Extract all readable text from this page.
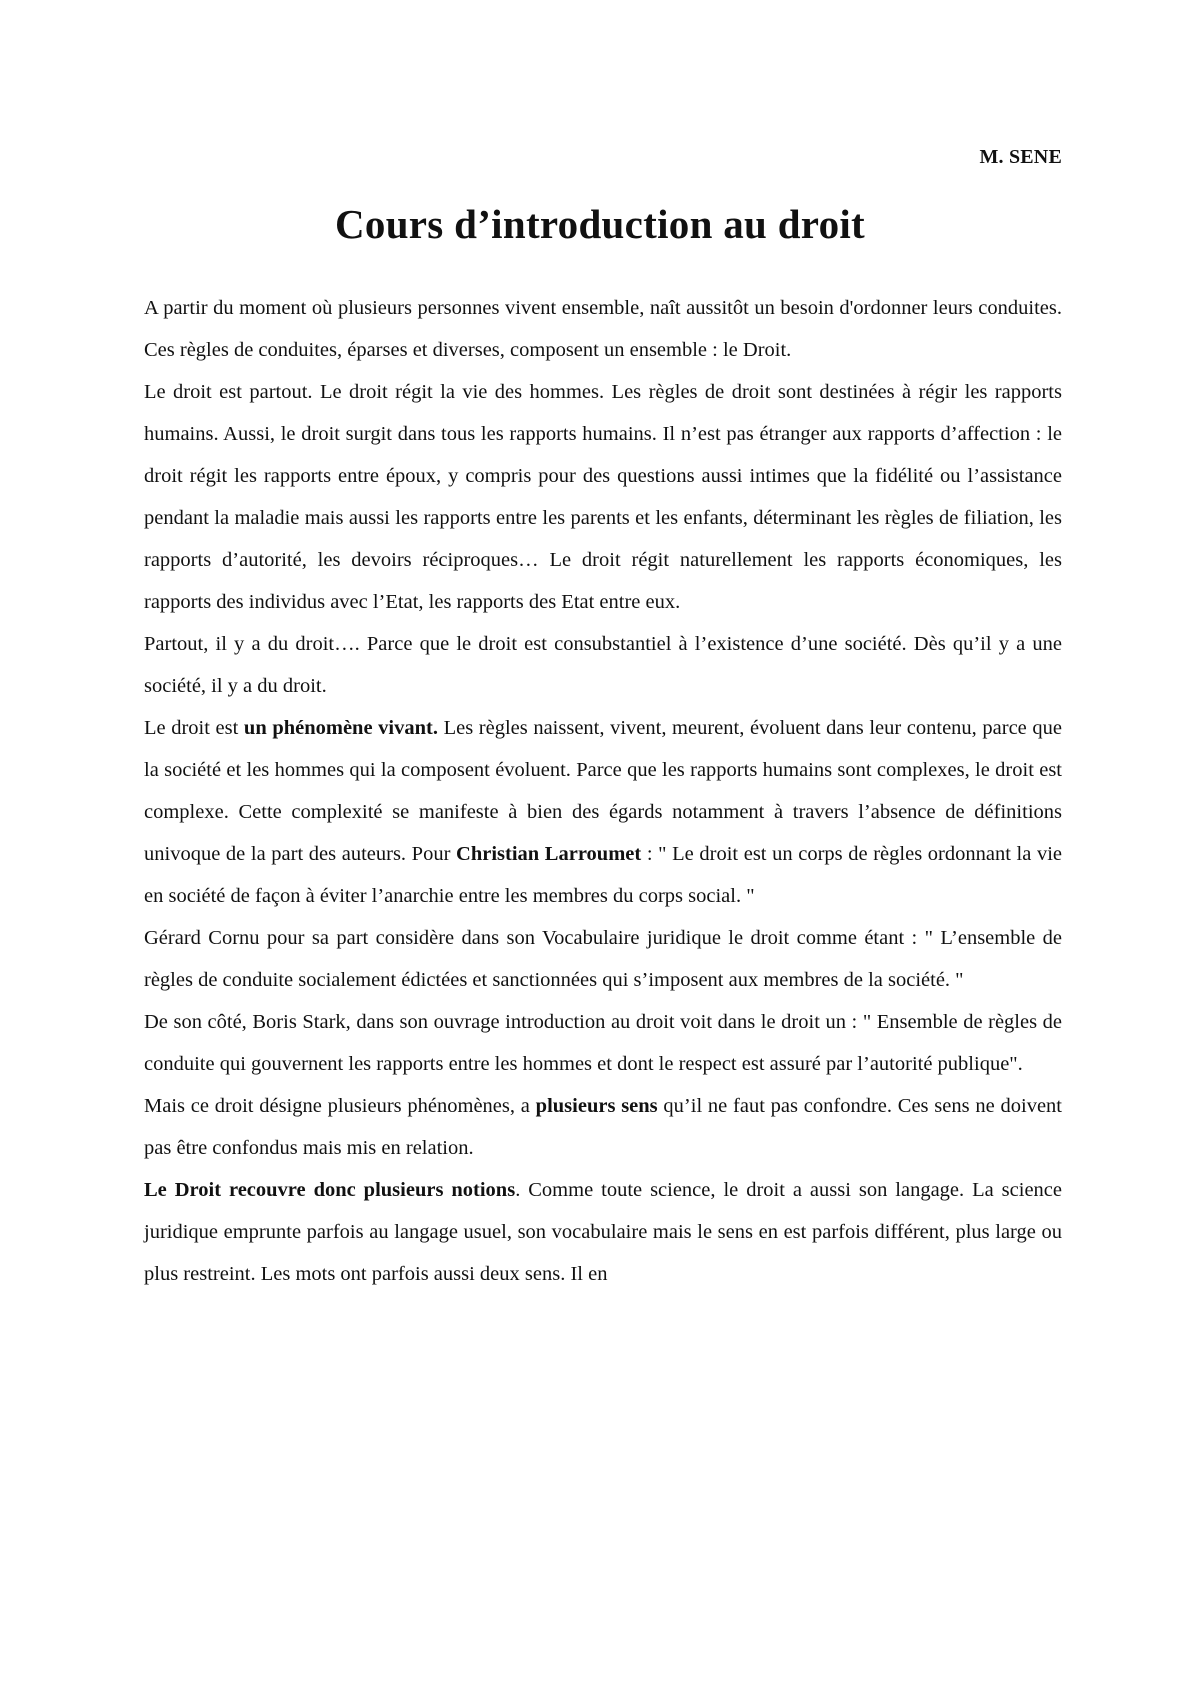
M. SENE
Cours d’introduction au droit

A partir du moment où plusieurs personnes vivent ensemble, naît aussitôt un besoin d'ordonner leurs conduites. Ces règles de conduites, éparses et diverses, composent un ensemble : le Droit.

Le droit est partout. Le droit régit la vie des hommes. Les règles de droit sont destinées à régir les rapports humains. Aussi, le droit surgit dans tous les rapports humains. Il n’est pas étranger aux rapports d’affection : le droit régit les rapports entre époux, y compris pour des questions aussi intimes que la fidélité ou l’assistance pendant la maladie mais aussi les rapports entre les parents et les enfants, déterminant les règles de filiation, les rapports d’autorité, les devoirs réciproques… Le droit régit naturellement les rapports économiques, les rapports des individus avec l’Etat, les rapports des Etat entre eux.

Partout, il y a du droit…. Parce que le droit est consubstantiel à l’existence d’une société. Dès qu’il y a une société, il y a du droit.

Le droit est un phénomène vivant. Les règles naissent, vivent, meurent, évoluent dans leur contenu, parce que la société et les hommes qui la composent évoluent. Parce que les rapports humains sont complexes, le droit est complexe. Cette complexité se manifeste à bien des égards notamment à travers l’absence de définitions univoque de la part des auteurs. Pour Christian Larroumet : " Le droit est un corps de règles ordonnant la vie en société de façon à éviter l’anarchie entre les membres du corps social. "

Gérard Cornu pour sa part considère dans son Vocabulaire juridique le droit comme étant : " L’ensemble de règles de conduite socialement édictées et sanctionnées qui s’imposent aux membres de la société. "

De son côté, Boris Stark, dans son ouvrage introduction au droit voit dans le droit un : " Ensemble de règles de conduite qui gouvernent les rapports entre les hommes et dont le respect est assuré par l’autorité publique".

Mais ce droit désigne plusieurs phénomènes, a plusieurs sens qu’il ne faut pas confondre. Ces sens ne doivent pas être confondus mais mis en relation.

Le Droit recouvre donc plusieurs notions. Comme toute science, le droit a aussi son langage. La science juridique emprunte parfois au langage usuel, son vocabulaire mais le sens en est parfois différent, plus large ou plus restreint. Les mots ont parfois aussi deux sens. Il en
